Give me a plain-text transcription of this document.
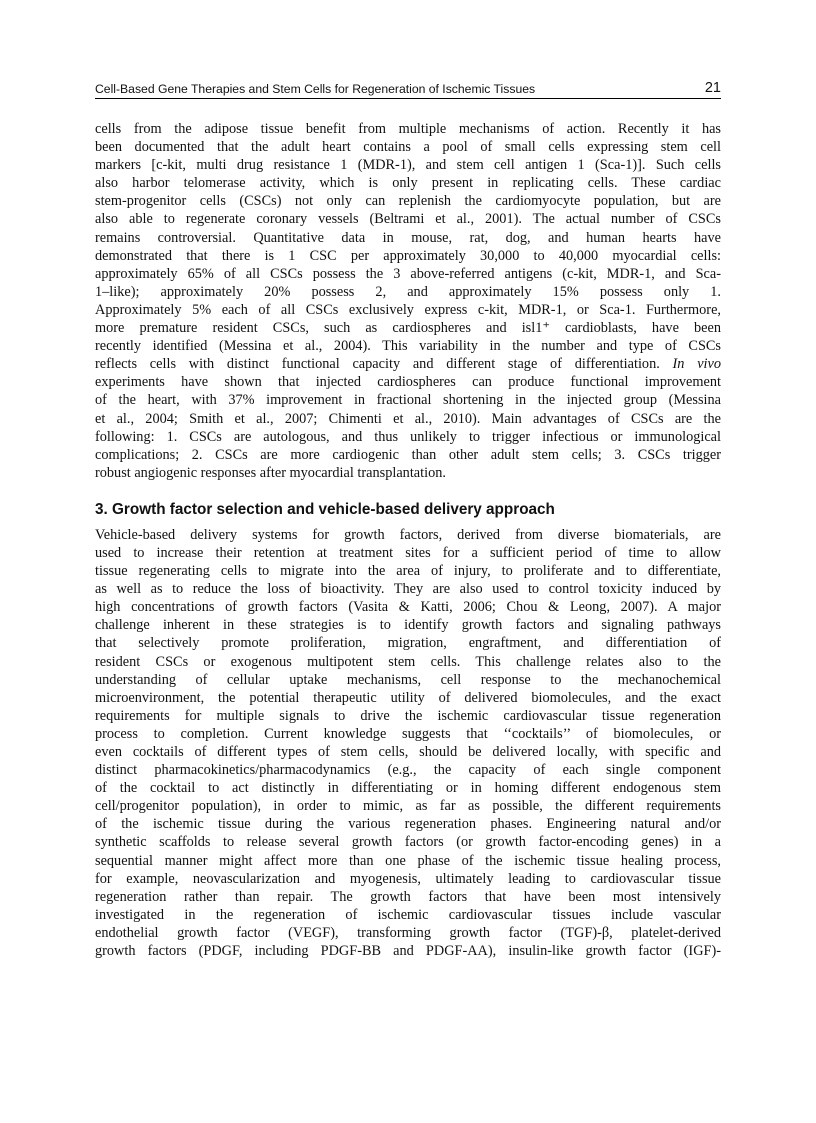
Cell-Based Gene Therapies and Stem Cells for Regeneration of Ischemic Tissues	21

cells from the adipose tissue benefit from multiple mechanisms of action. Recently it has
been documented that the adult heart contains a pool of small cells expressing stem cell
markers [c-kit, multi drug resistance 1 (MDR-1), and stem cell antigen 1 (Sca-1)]. Such cells
also harbor telomerase activity, which is only present in replicating cells. These cardiac
stem-progenitor cells (CSCs) not only can replenish the cardiomyocyte population, but are
also able to regenerate coronary vessels (Beltrami et al., 2001). The actual number of CSCs
remains controversial. Quantitative data in mouse, rat, dog, and human hearts have
demonstrated that there is 1 CSC per approximately 30,000 to 40,000 myocardial cells:
approximately 65% of all CSCs possess the 3 above-referred antigens (c-kit, MDR-1, and Sca-
1–like); approximately 20% possess 2, and approximately 15% possess only 1.
Approximately 5% each of all CSCs exclusively express c-kit, MDR-1, or Sca-1. Furthermore,
more premature resident CSCs, such as cardiospheres and isl1⁺ cardioblasts, have been
recently identified (Messina et al., 2004). This variability in the number and type of CSCs
reflects cells with distinct functional capacity and different stage of differentiation. In vivo
experiments have shown that injected cardiospheres can produce functional improvement
of the heart, with 37% improvement in fractional shortening in the injected group (Messina
et al., 2004; Smith et al., 2007; Chimenti et al., 2010). Main advantages of CSCs are the
following: 1. CSCs are autologous, and thus unlikely to trigger infectious or immunological
complications; 2. CSCs are more cardiogenic than other adult stem cells; 3. CSCs trigger
robust angiogenic responses after myocardial transplantation.

3. Growth factor selection and vehicle-based delivery approach

Vehicle-based delivery systems for growth factors, derived from diverse biomaterials, are
used to increase their retention at treatment sites for a sufficient period of time to allow
tissue regenerating cells to migrate into the area of injury, to proliferate and to differentiate,
as well as to reduce the loss of bioactivity. They are also used to control toxicity induced by
high concentrations of growth factors (Vasita & Katti, 2006; Chou & Leong, 2007). A major
challenge inherent in these strategies is to identify growth factors and signaling pathways
that selectively promote proliferation, migration, engraftment, and differentiation of
resident CSCs or exogenous multipotent stem cells. This challenge relates also to the
understanding of cellular uptake mechanisms, cell response to the mechanochemical
microenvironment, the potential therapeutic utility of delivered biomolecules, and the exact
requirements for multiple signals to drive the ischemic cardiovascular tissue regeneration
process to completion. Current knowledge suggests that ‘‘cocktails’’ of biomolecules, or
even cocktails of different types of stem cells, should be delivered locally, with specific and
distinct pharmacokinetics/pharmacodynamics (e.g., the capacity of each single component
of the cocktail to act distinctly in differentiating or in homing different endogenous stem
cell/progenitor population), in order to mimic, as far as possible, the different requirements
of the ischemic tissue during the various regeneration phases. Engineering natural and/or
synthetic scaffolds to release several growth factors (or growth factor-encoding genes) in a
sequential manner might affect more than one phase of the ischemic tissue healing process,
for example, neovascularization and myogenesis, ultimately leading to cardiovascular tissue
regeneration rather than repair. The growth factors that have been most intensively
investigated in the regeneration of ischemic cardiovascular tissues include vascular
endothelial growth factor (VEGF), transforming growth factor (TGF)-β, platelet-derived
growth factors (PDGF, including PDGF-BB and PDGF-AA), insulin-like growth factor (IGF)-
